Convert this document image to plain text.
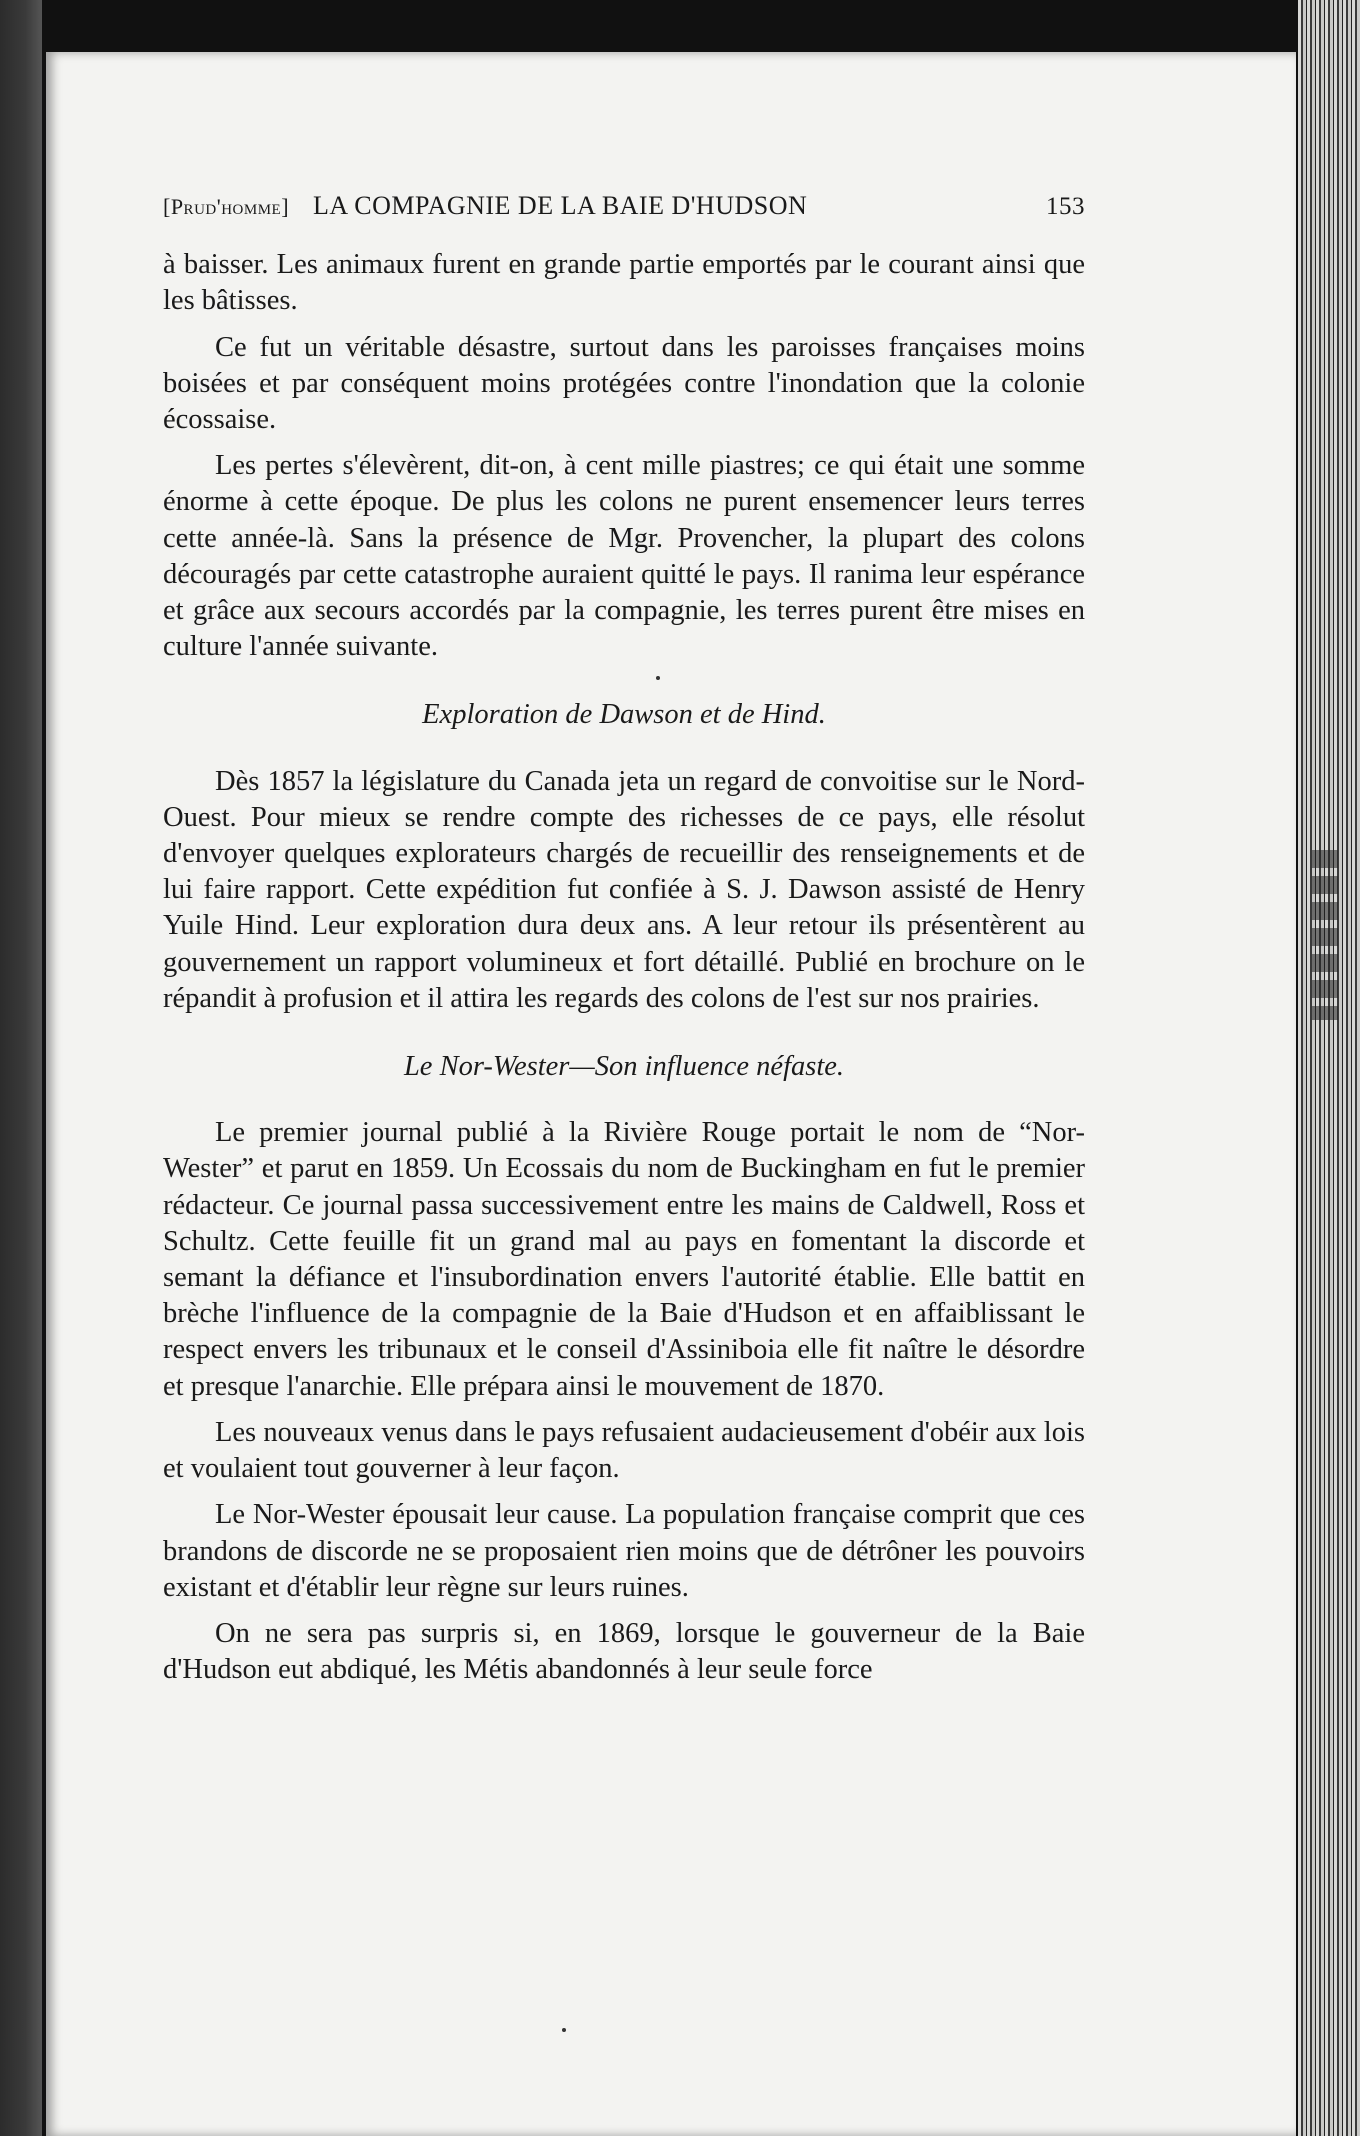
[Prud'homme] LA COMPAGNIE DE LA BAIE D'HUDSON	153

à baisser. Les animaux furent en grande partie emportés par le courant ainsi que les bâtisses.

Ce fut un véritable désastre, surtout dans les paroisses françaises moins boisées et par conséquent moins protégées contre l'inondation que la colonie écossaise.

Les pertes s'élevèrent, dit-on, à cent mille piastres; ce qui était une somme énorme à cette époque. De plus les colons ne purent ensemencer leurs terres cette année-là. Sans la présence de Mgr. Provencher, la plupart des colons découragés par cette catastrophe auraient quitté le pays. Il ranima leur espérance et grâce aux secours accordés par la compagnie, les terres purent être mises en culture l'année suivante.

Exploration de Dawson et de Hind.

Dès 1857 la législature du Canada jeta un regard de convoitise sur le Nord-Ouest. Pour mieux se rendre compte des richesses de ce pays, elle résolut d'envoyer quelques explorateurs chargés de recueillir des renseignements et de lui faire rapport. Cette expédition fut confiée à S. J. Dawson assisté de Henry Yuile Hind. Leur exploration dura deux ans. A leur retour ils présentèrent au gouvernement un rapport volumineux et fort détaillé. Publié en brochure on le répandit à profusion et il attira les regards des colons de l'est sur nos prairies.

Le Nor-Wester—Son influence néfaste.

Le premier journal publié à la Rivière Rouge portait le nom de “Nor-Wester” et parut en 1859. Un Ecossais du nom de Buckingham en fut le premier rédacteur. Ce journal passa successivement entre les mains de Caldwell, Ross et Schultz. Cette feuille fit un grand mal au pays en fomentant la discorde et semant la défiance et l'insubordination envers l'autorité établie. Elle battit en brèche l'influence de la compagnie de la Baie d'Hudson et en affaiblissant le respect envers les tribunaux et le conseil d'Assiniboia elle fit naître le désordre et presque l'anarchie. Elle prépara ainsi le mouvement de 1870.

Les nouveaux venus dans le pays refusaient audacieusement d'obéir aux lois et voulaient tout gouverner à leur façon.

Le Nor-Wester épousait leur cause. La population française comprit que ces brandons de discorde ne se proposaient rien moins que de détrôner les pouvoirs existant et d'établir leur règne sur leurs ruines.

On ne sera pas surpris si, en 1869, lorsque le gouverneur de la Baie d'Hudson eut abdiqué, les Métis abandonnés à leur seule force
